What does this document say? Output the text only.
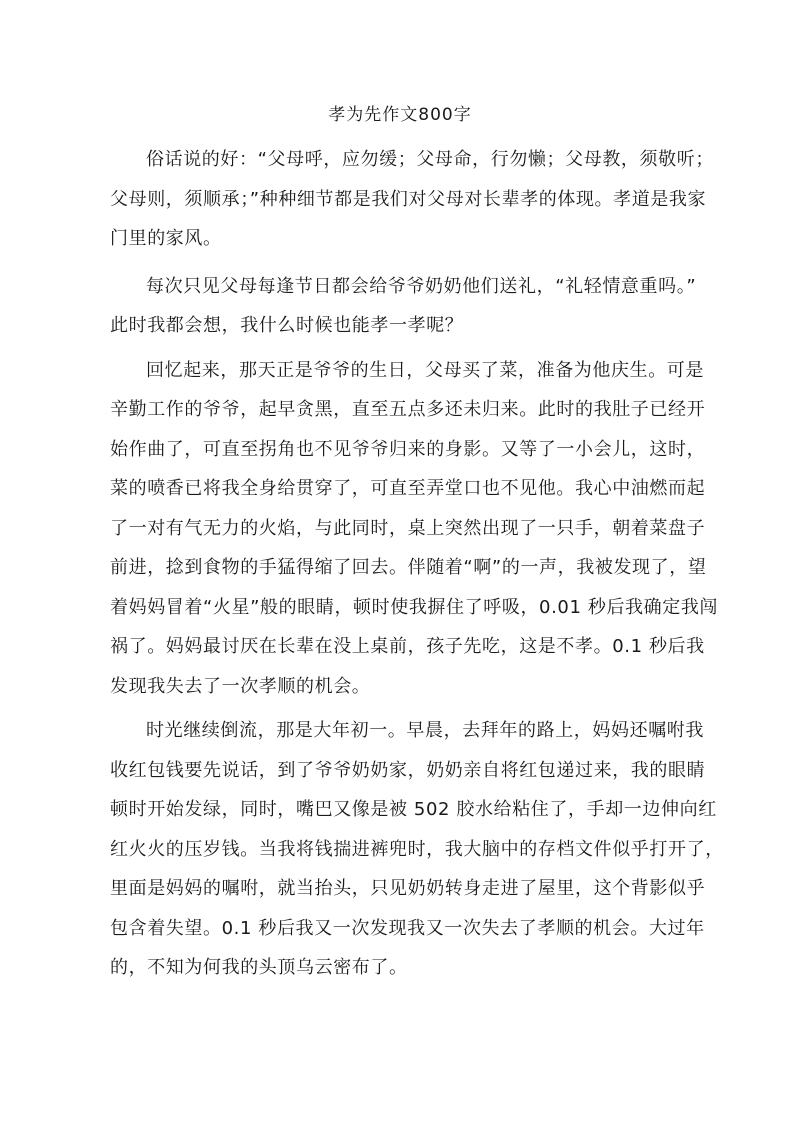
孝为先作文800字
俗话说的好：“父母呼，应勿缓；父母命，行勿懒；父母教，须敬听；
父母则，须顺承；”种种细节都是我们对父母对长辈孝的体现。孝道是我家
门里的家风。
每次只见父母每逢节日都会给爷爷奶奶他们送礼，“礼轻情意重吗。”
此时我都会想，我什么时候也能孝一孝呢？
回忆起来，那天正是爷爷的生日，父母买了菜，准备为他庆生。可是
辛勤工作的爷爷，起早贪黑，直至五点多还未归来。此时的我肚子已经开
始作曲了，可直至拐角也不见爷爷归来的身影。又等了一小会儿，这时，
菜的喷香已将我全身给贯穿了，可直至弄堂口也不见他。我心中油燃而起
了一对有气无力的火焰，与此同时，桌上突然出现了一只手，朝着菜盘子
前进，捻到食物的手猛得缩了回去。伴随着“啊”的一声，我被发现了，望
着妈妈冒着“火星”般的眼睛，顿时使我摒住了呼吸，0.01 秒后我确定我闯
祸了。妈妈最讨厌在长辈在没上桌前，孩子先吃，这是不孝。0.1 秒后我
发现我失去了一次孝顺的机会。
时光继续倒流，那是大年初一。早晨，去拜年的路上，妈妈还嘱咐我
收红包钱要先说话，到了爷爷奶奶家，奶奶亲自将红包递过来，我的眼睛
顿时开始发绿，同时，嘴巴又像是被 502 胶水给粘住了，手却一边伸向红
红火火的压岁钱。当我将钱揣进裤兜时，我大脑中的存档文件似乎打开了，
里面是妈妈的嘱咐，就当抬头，只见奶奶转身走进了屋里，这个背影似乎
包含着失望。0.1 秒后我又一次发现我又一次失去了孝顺的机会。大过年
的，不知为何我的头顶乌云密布了。
